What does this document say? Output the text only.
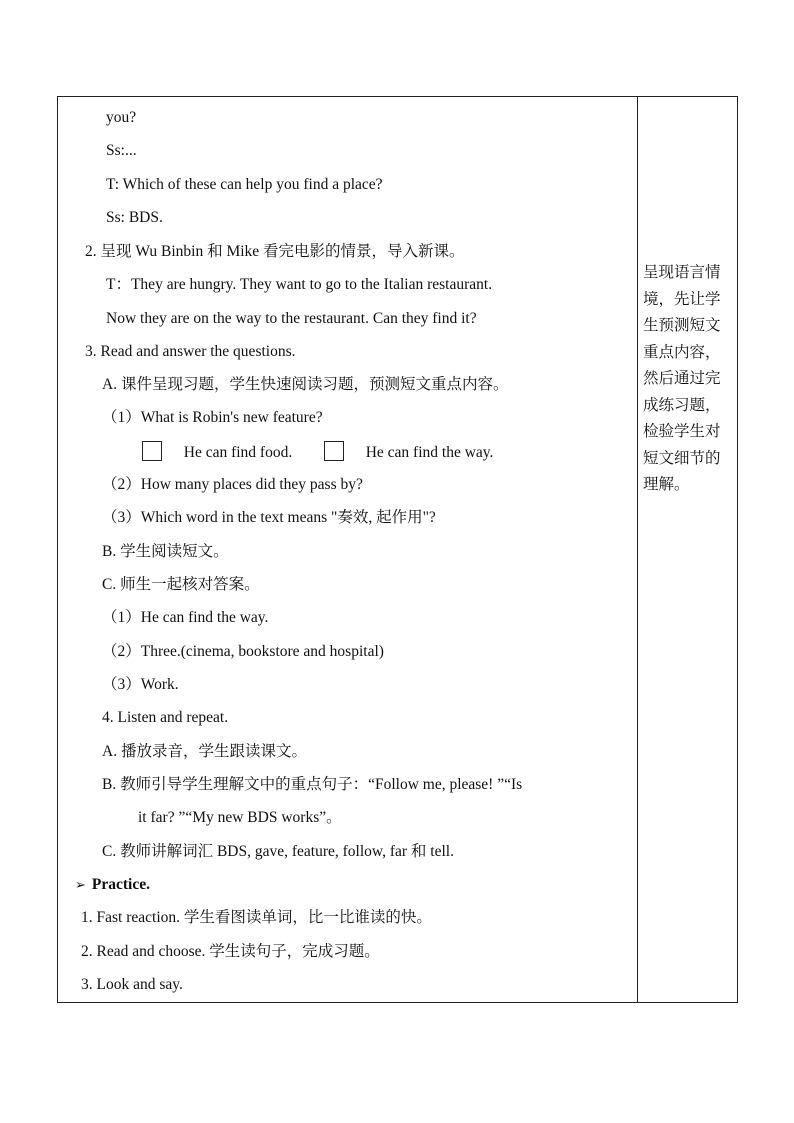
you?
Ss:...
T: Which of these can help you find a place?
Ss: BDS.
2. 呈现 Wu Binbin 和 Mike 看完电影的情景，导入新课。
T：They are hungry. They want to go to the Italian restaurant.
Now they are on the way to the restaurant. Can they find it?
3. Read and answer the questions.
A. 课件呈现习题，学生快速阅读习题，预测短文重点内容。
（1）What is Robin's new feature?
He can find food.	He can find the way.
（2）How many places did they pass by?
（3）Which word in the text means "奏效, 起作用"?
B. 学生阅读短文。
C. 师生一起核对答案。
（1）He can find the way.
（2）Three.(cinema, bookstore and hospital)
（3）Work.
4. Listen and repeat.
A. 播放录音，学生跟读课文。
B. 教师引导学生理解文中的重点句子：“Follow me, please! ”“Is
it far? ”“My new BDS works”。
C. 教师讲解词汇 BDS, gave, feature, follow, far 和 tell.
➢ Practice.
1. Fast reaction. 学生看图读单词，比一比谁读的快。
2. Read and choose. 学生读句子，完成习题。
3. Look and say.
呈现语言情境，先让学生预测短文重点内容，然后通过完成练习题，检验学生对短文细节的理解。
